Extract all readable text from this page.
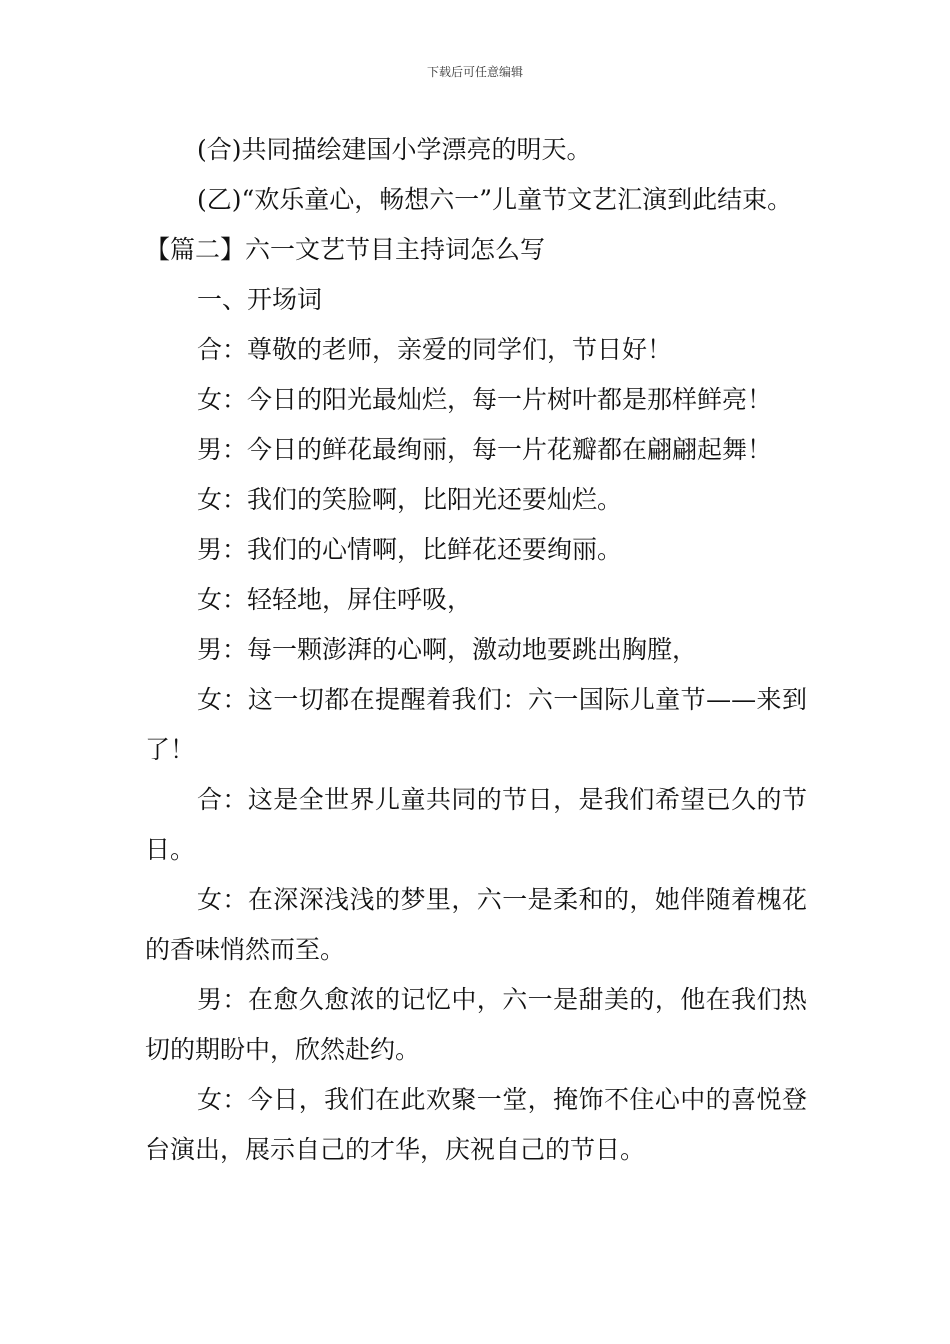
下载后可任意编辑

(合)共同描绘建国小学漂亮的明天。

(乙)“欢乐童心，畅想六一”儿童节文艺汇演到此结束。

【篇二】六一文艺节目主持词怎么写

一、开场词

合：尊敬的老师，亲爱的同学们，节日好！

女：今日的阳光最灿烂，每一片树叶都是那样鲜亮！

男：今日的鲜花最绚丽，每一片花瓣都在翩翩起舞！

女：我们的笑脸啊，比阳光还要灿烂。

男：我们的心情啊，比鲜花还要绚丽。

女：轻轻地，屏住呼吸，

男：每一颗澎湃的心啊，激动地要跳出胸膛，

女：这一切都在提醒着我们：六一国际儿童节——来到了！

合：这是全世界儿童共同的节日，是我们希望已久的节日。

女：在深深浅浅的梦里，六一是柔和的，她伴随着槐花的香味悄然而至。

男：在愈久愈浓的记忆中，六一是甜美的，他在我们热切的期盼中，欣然赴约。

女：今日，我们在此欢聚一堂，掩饰不住心中的喜悦登台演出，展示自己的才华，庆祝自己的节日。
